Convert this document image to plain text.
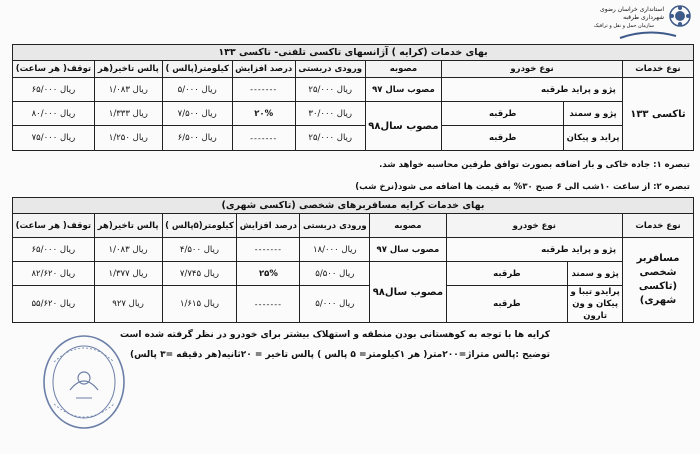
استانداری خراسان رضوی
شهرداری طرقبه
سازمان حمل و نقل و ترافیک
بهای خدمات (کرایه ) آژانسهای تاکسی تلفنی- تاکسی ۱۳۳								
نوع خدمات	نوع خودرو		مصوبه	ورودی دربستی	درصد افزایش	کیلومتر(پالس )	پالس تاخیر(هر	توقف( هر ساعت)
تاکسی ۱۳۳	پژو و پراید طرقبه		مصوب سال ۹۷	ریال ۲۵/۰۰۰	-------	ریال ۵/۰۰۰	ریال ۱/۰۸۳	ریال ۶۵/۰۰۰
	پژو و سمند	طرقبه	مصوب سال۹۸	ریال ۳۰/۰۰۰	۲۰%	ریال ۷/۵۰۰	ریال ۱/۳۳۳	ریال ۸۰/۰۰۰
	پراید و پیکان	طرقبه		ریال ۲۵/۰۰۰	-------	ریال ۶/۵۰۰	ریال ۱/۲۵۰	ریال ۷۵/۰۰۰
تبصره ۱: جاده خاکی و بار اضافه بصورت توافق طرفین محاسبه خواهد شد.
تبصره ۲: از ساعت ۱۰شب الی ۶ صبح ۳۰% به قیمت ها اضافه می شود(نرخ شب)
بهای خدمات کرایه مسافربرهای شخصی (تاکسی شهری)								
نوع خدمات	نوع خودرو		مصوبه	ورودی دربستی	درصد افزایش	کیلومتر(۵پالس )	پالس تاخیر(هر	توقف( هر ساعت)
مسافربر شخصی (تاکسی شهری)	پژو و پراید طرقبه		مصوب سال ۹۷	ریال ۱۸/۰۰۰	-------	ریال ۴/۵۰۰	ریال ۱/۰۸۳	ریال ۶۵/۰۰۰
	پژو و سمند	طرقبه	مصوب سال۹۸	ریال ۵/۵۰۰	۲۵%	ریال ۷/۷۴۵	ریال ۱/۳۷۷	ریال ۸۲/۶۲۰
	پرایدو تیبا و پیکان و ون تارون	طرقبه		ریال ۵/۰۰۰	-------	ریال ۱/۶۱۵	ریال ۹۲۷	ریال ۵۵/۶۲۰
کرایه ها با توجه به کوهستانی بودن منطقه و استهلاک بیشتر برای خودرو در نظر گرفته شده است
توضیح :پالس متراژ=۲۰۰متر( هر ۱کیلومتر= ۵ پالس ) پالس تاخیر = ۲۰ثانیه(هر دقیقه =۳ پالس)
